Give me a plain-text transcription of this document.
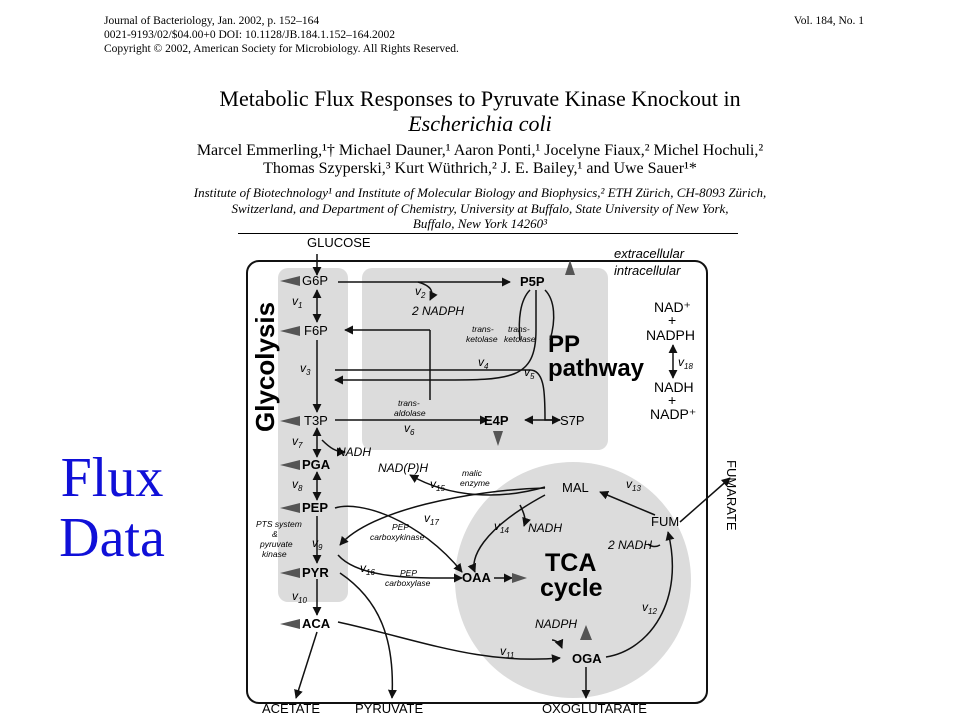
Journal of Bacteriology, Jan. 2002, p. 152–164	Vol. 184, No. 1
0021-9193/02/$04.00+0 DOI: 10.1128/JB.184.1.152–164.2002
Copyright © 2002, American Society for Microbiology. All Rights Reserved.
Metabolic Flux Responses to Pyruvate Kinase Knockout in
Escherichia coli
Marcel Emmerling,¹† Michael Dauner,¹ Aaron Ponti,¹ Jocelyne Fiaux,² Michel Hochuli,²
Thomas Szyperski,³ Kurt Wüthrich,² J. E. Bailey,¹ and Uwe Sauer¹*
Institute of Biotechnology¹ and Institute of Molecular Biology and Biophysics,² ETH Zürich, CH-8093 Zürich,
Switzerland, and Department of Chemistry, University at Buffalo, State University of New York,
Buffalo, New York 14260³
Flux
Data
extracellular
intracellular
Glycolysis	PP
pathway
TCA
cycle
GLUCOSE
G6P
F6P
T3P
PGA
PEP
PYR
ACA
P5P
E4P	S7P
MAL
FUM
OAA
OGA
ACETATE	PYRUVATE	OXOGLUTARATE
FUMARATE
NAD⁺
+
NADPH
NADH
+
NADP⁺
2 NADPH
NADH
NAD(P)H
NADH
2 NADH
NADPH
trans-
ketolase
trans-
ketolase
trans-
aldolase
malic
enzyme
PTS system
&
pyruvate
kinase
PEP
carboxykinase
PEP
carboxylase
$v_1$
$v_2$
$v_3$
$v_4$	$v_5$
$v_6$
$v_7$
$v_8$
$v_9$
$v_{10}$
$v_{11}$
$v_{12}$
$v_{13}$
$v_{14}$
$v_{15}$
$v_{16}$
$v_{17}$
$v_{18}$
